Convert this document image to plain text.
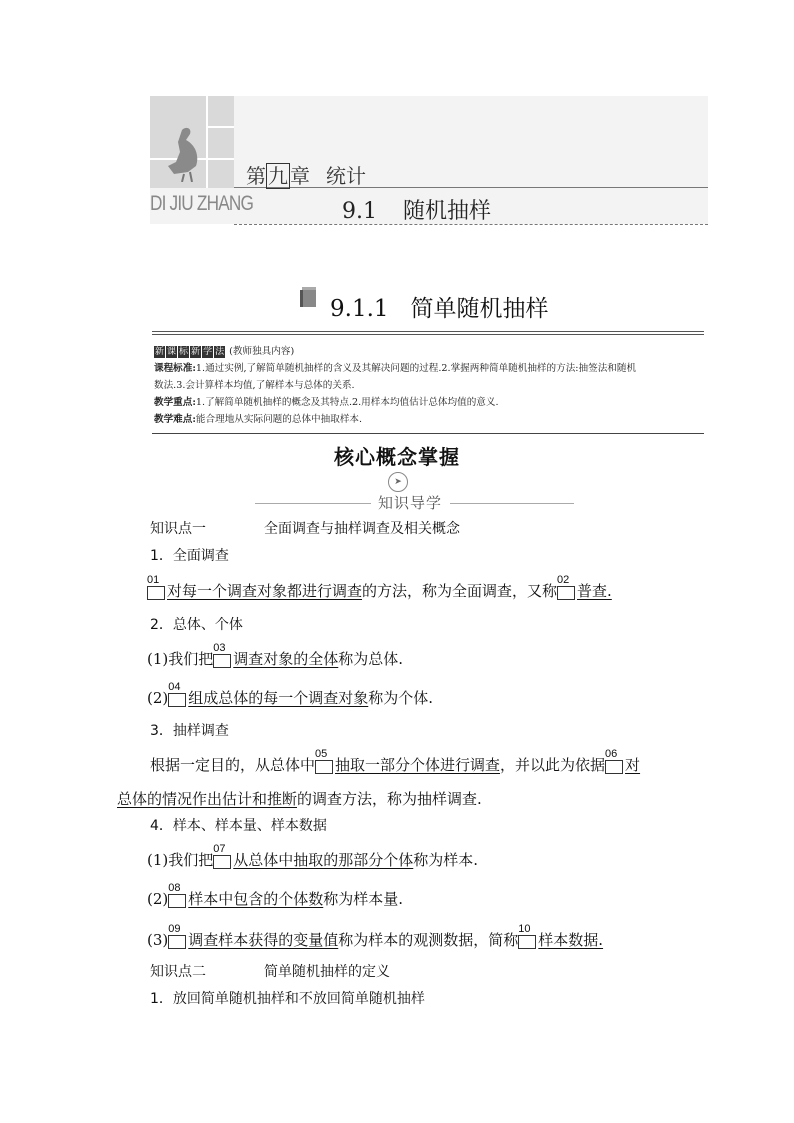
DI JIU ZHANG
第 九 章 统计
9.1 随机抽样
9.1.1 简单随机抽样
新 课 标 新 学 法 (教师独具内容)
课程标准:1.通过实例,了解简单随机抽样的含义及其解决问题的过程.2.掌握两种简单随机抽样的方法:抽签法和随机
数法.3.会计算样本均值,了解样本与总体的关系.
教学重点:1.了解简单随机抽样的概念及其特点.2.用样本均值估计总体均值的意义.
教学难点:能合理地从实际问题的总体中抽取样本.
核心概念掌握
➤
知识导学
知识点一	全面调查与抽样调查及相关概念
1．全面调查
01
对每一个调查对象都进行调查的方法，称为全面调查，又称
02
普查.
2．总体、个体
(1)我们把
03
调查对象的全体称为总体.
(2)
04
组成总体的每一个调查对象称为个体.
3．抽样调查
根据一定目的，从总体中
05
抽取一部分个体进行调查，并以此为依据
06
对
总体的情况作出估计和推断的调查方法，称为抽样调查.
4．样本、样本量、样本数据
(1)我们把
07
从总体中抽取的那部分个体称为样本.
(2)
08
样本中包含的个体数称为样本量.
(3)
09
调查样本获得的变量值称为样本的观测数据，简称
10
样本数据.
知识点二	简单随机抽样的定义
1．放回简单随机抽样和不放回简单随机抽样
